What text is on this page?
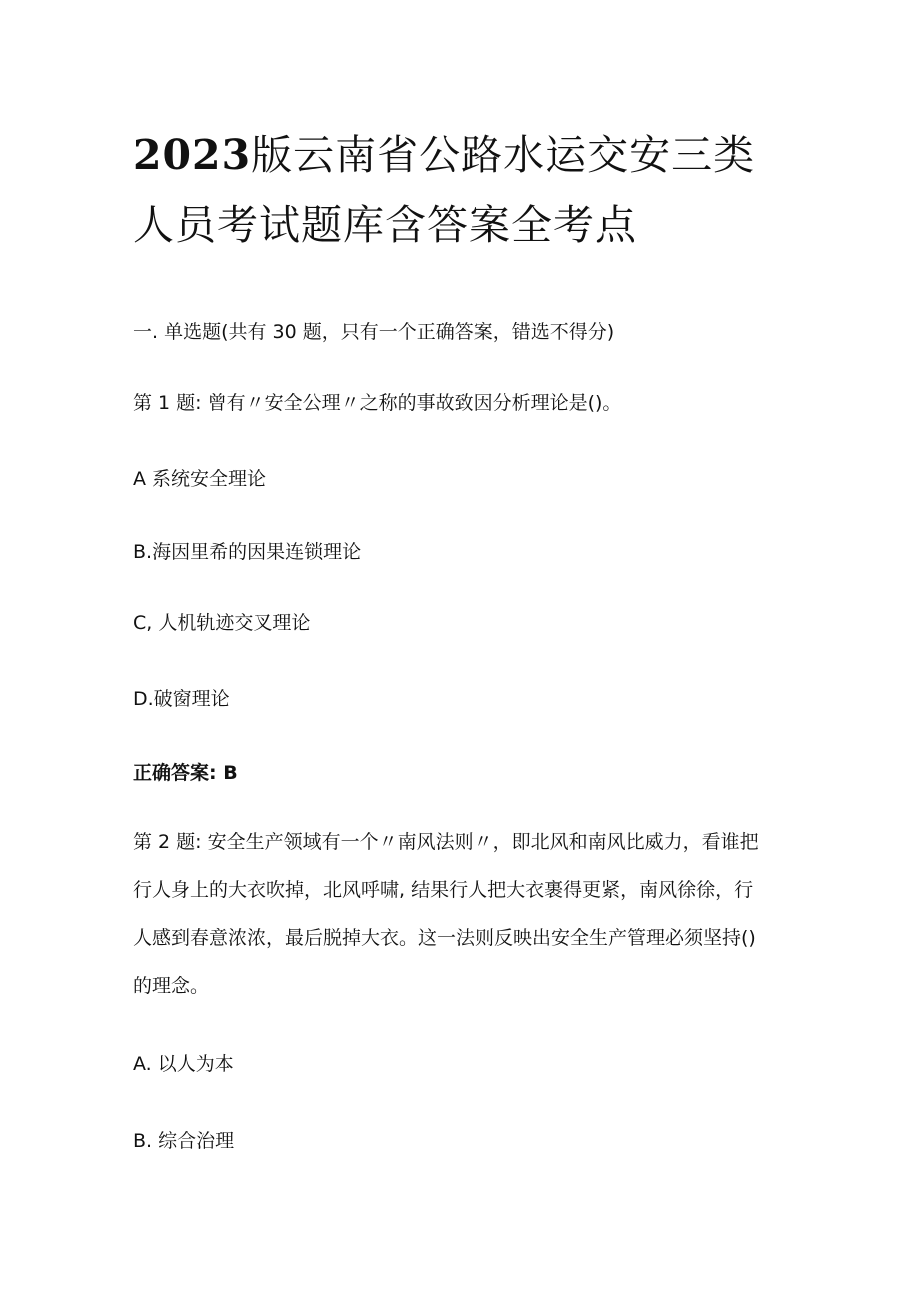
2023版云南省公路水运交安三类
人员考试题库含答案全考点

一. 单选题(共有 30 题，只有一个正确答案，错选不得分)

第 1 题: 曾有〃安全公理〃之称的事故致因分析理论是()。

A 系统安全理论

B.海因里希的因果连锁理论

C, 人机轨迹交叉理论

D.破窗理论

正确答案: B

第 2 题: 安全生产领域有一个〃南风法则〃，即北风和南风比威力，看谁把
行人身上的大衣吹掉，北风呼啸, 结果行人把大衣裹得更紧，南风徐徐，行
人感到春意浓浓，最后脱掉大衣。这一法则反映出安全生产管理必须坚持()
的理念。

A. 以人为本

B. 综合治理
